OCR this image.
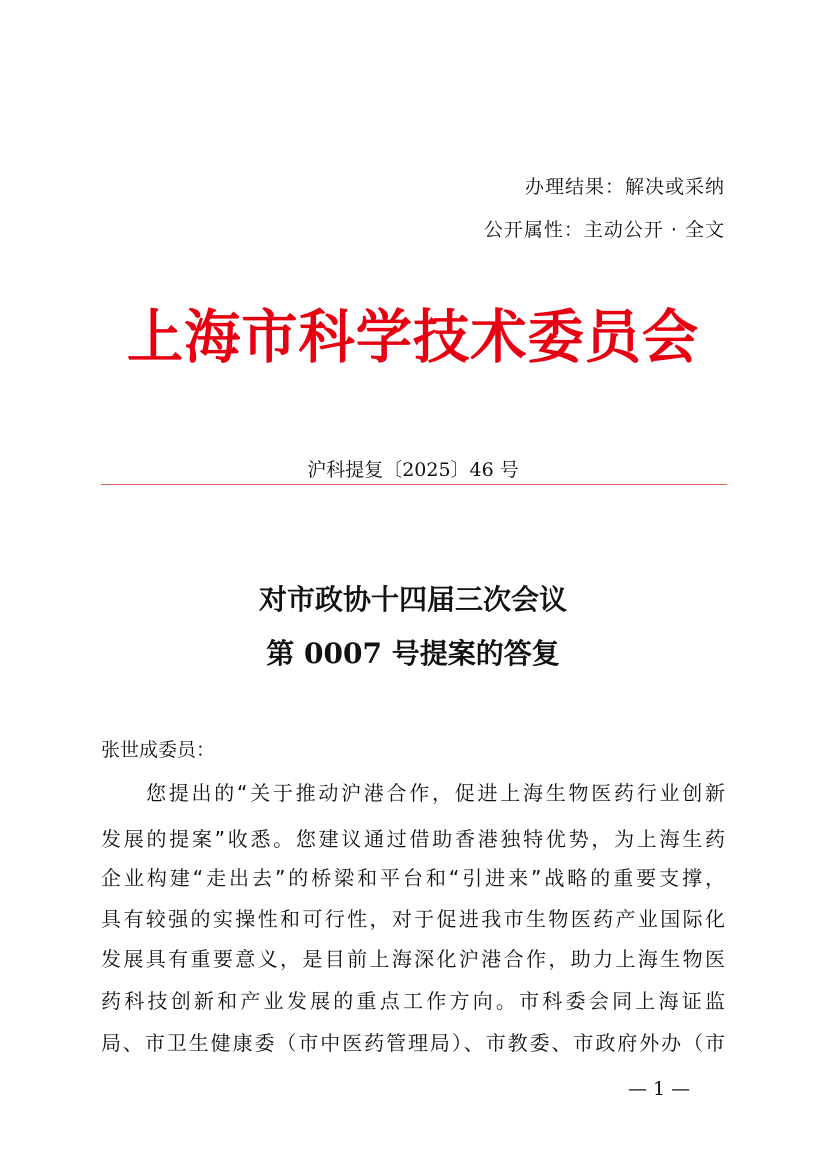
办理结果：解决或采纳
公开属性：主动公开 · 全文
上海市科学技术委员会
沪科提复〔2025〕46 号
对市政协十四届三次会议
第 0007 号提案的答复
张世成委员：
您提出的“关于推动沪港合作，促进上海生物医药行业创新
发展的提案”收悉。您建议通过借助香港独特优势，为上海生药
企业构建“走出去”的桥梁和平台和“引进来”战略的重要支撑，
具有较强的实操性和可行性，对于促进我市生物医药产业国际化
发展具有重要意义，是目前上海深化沪港合作，助力上海生物医
药科技创新和产业发展的重点工作方向。市科委会同上海证监
局、市卫生健康委（市中医药管理局）、市教委、市政府外办（市
— 1 —
